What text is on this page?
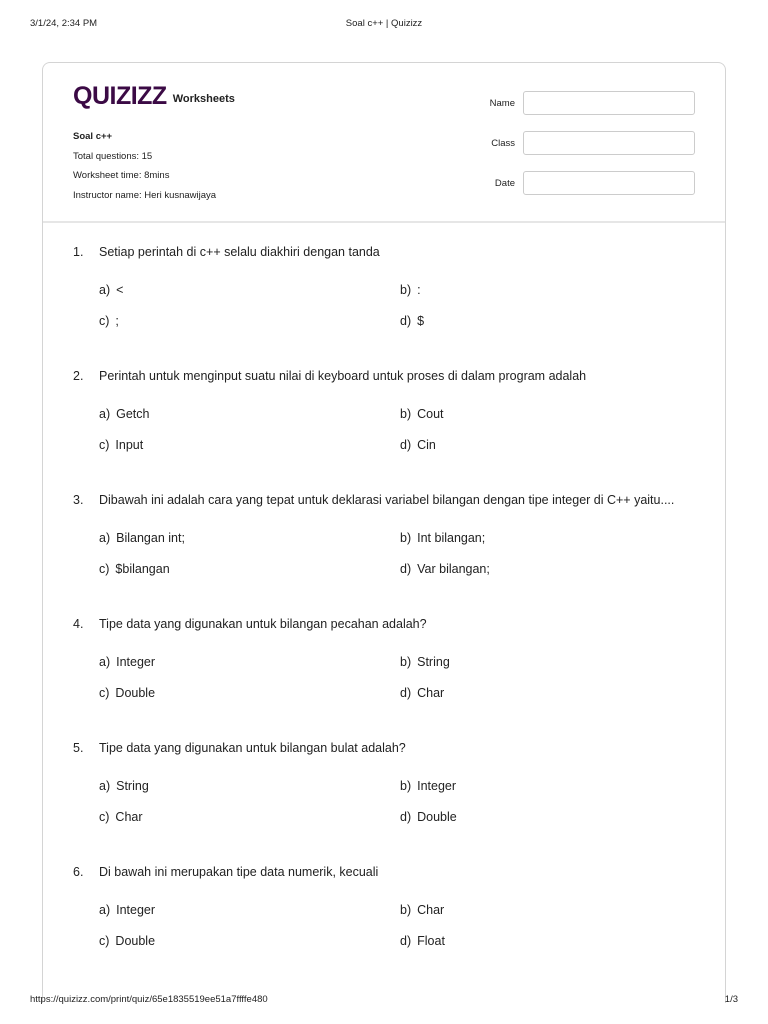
3/1/24, 2:34 PM	Soal c++ | Quizizz
QUIZIZZ Worksheets
Soal c++
Total questions: 15
Worksheet time: 8mins
Instructor name: Heri kusnawijaya
Name
Class
Date
1. Setiap perintah di c++ selalu diakhiri dengan tanda
a) <	b) :
c) ;	d) $
2. Perintah untuk menginput suatu nilai di keyboard untuk proses di dalam program adalah
a) Getch	b) Cout
c) Input	d) Cin
3. Dibawah ini adalah cara yang tepat untuk deklarasi variabel bilangan dengan tipe integer di C++ yaitu....
a) Bilangan int;	b) Int bilangan;
c) $bilangan	d) Var bilangan;
4. Tipe data yang digunakan untuk bilangan pecahan adalah?
a) Integer	b) String
c) Double	d) Char
5. Tipe data yang digunakan untuk bilangan bulat adalah?
a) String	b) Integer
c) Char	d) Double
6. Di bawah ini merupakan tipe data numerik, kecuali
a) Integer	b) Char
c) Double	d) Float
https://quizizz.com/print/quiz/65e1835519ee51a7ffffe480	1/3
